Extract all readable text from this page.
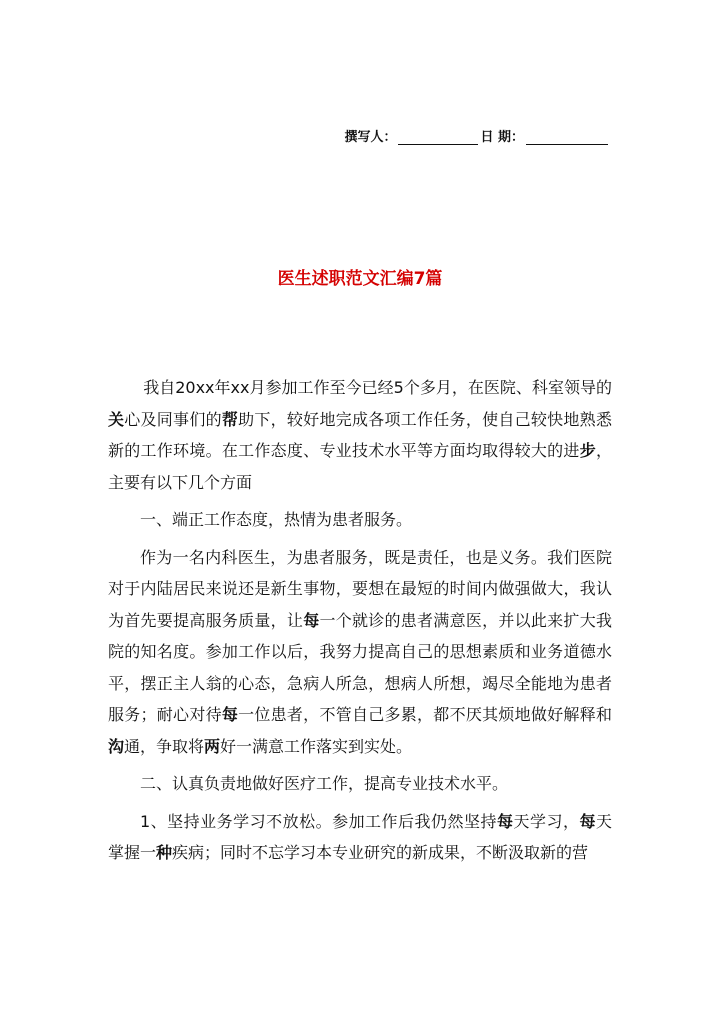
撰写人：	日 期：
医生述职范文汇编7篇

我自20xx年xx月参加工作至今已经5个多月，在医院、科室领导的关心及同事们的帮助下，较好地完成各项工作任务，使自己较快地熟悉新的工作环境。在工作态度、专业技术水平等方面均取得较大的进步，主要有以下几个方面

一、端正工作态度，热情为患者服务。

作为一名内科医生，为患者服务，既是责任，也是义务。我们医院对于内陆居民来说还是新生事物，要想在最短的时间内做强做大，我认为首先要提高服务质量，让每一个就诊的患者满意医，并以此来扩大我院的知名度。参加工作以后，我努力提高自己的思想素质和业务道德水平，摆正主人翁的心态，急病人所急，想病人所想，竭尽全能地为患者服务；耐心对待每一位患者，不管自己多累，都不厌其烦地做好解释和沟通，争取将两好一满意工作落实到实处。

二、认真负责地做好医疗工作，提高专业技术水平。

1、坚持业务学习不放松。参加工作后我仍然坚持每天学习，每天掌握一种疾病；同时不忘学习本专业研究的新成果，不断汲取新的营
